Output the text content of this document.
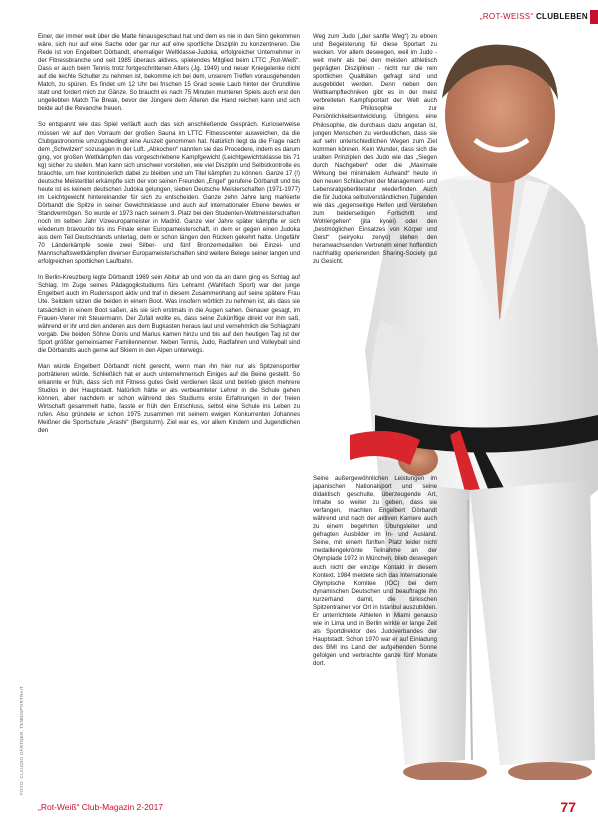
„ROT-WEISS“ CLUBLEBEN

Einer, der immer weit über die Matte hinausgeschaut hat und dem es nie in den Sinn gekommen wäre, sich nur auf eine Sache oder gar nur auf eine sportliche Disziplin zu konzentrieren. Die Rede ist von Engelbert Dörbandt, ehemaliger Weltklasse-Judoka, erfolgreicher Unternehmer in der Fitnessbranche und seit 1985 überaus aktives, spielendes Mitglied beim LTTC „Rot-Weiß“. Dass er auch beim Tennis trotz fortgeschrittenen Alters (Jg. 1949) und neuer Kniegelenke nicht auf die leichte Schulter zu nehmen ist, bekomme ich bei dem, unserem Treffen vorausgehenden Match, zu spüren. Es findet um 12 Uhr bei frischen 15 Grad sowie Laub hinter der Grundlinie statt und fordert mich zur Gänze. So braucht es nach 75 Minuten munteren Spiels auch erst den ungeliebten Match Tie Break, bevor der Jüngere dem Älteren die Hand reichen kann und sich beide auf die Revanche freuen.

So entspannt wie das Spiel verläuft auch das sich anschließende Gespräch. Kurioserweise müssen wir auf den Vorraum der großen Sauna im LTTC Fitnesscenter ausweichen, da die Clubgastronomie umzugsbedingt eine Auszeit genommen hat. Natürlich liegt da die Frage nach dem „Schwitzen“ sozusagen in der Luft. „Abkochen“ nannten sie das Procedere, indem es darum ging, vor großen Wettkämpfen das vorgeschriebene Kampfgewicht (Leichtgewichtsklasse bis 71 kg) sicher zu stellen. Man kann sich unschwer vorstellen, wie viel Disziplin und Selbstkontrolle es brauchte, um hier kontinuierlich dabei zu bleiben und um Titel kämpfen zu können. Ganze 17 (!) deutsche Meistertitel erkämpfte sich der von seinen Freunden „Engel“ gerufene Dörbandt und bis heute ist es keinem deutschen Judoka gelungen, sieben Deutsche Meisterschaften (1971-1977) im Leichtgewicht hintereinander für sich zu entscheiden. Ganze zehn Jahre lang markierte Dörbandt die Spitze in seiner Gewichtsklasse und auch auf internationaler Ebene bewies er Standvermögen. So wurde er 1973 nach seinem 3. Platz bei den Studenten-Weltmeisterschaften noch im selben Jahr Vizeeuropameister in Madrid. Ganze vier Jahre später kämpfte er sich wiederum bravourös bis ins Finale einer Europameisterschaft, in dem er gegen einen Judoka aus dem Teil Deutschlands unterlag, dem er schon längen den Rücken gekehrt hatte. Ungefähr 70 Länderkämpfe sowie zwei Silber- und fünf Bronzemedaillen bei Einzel- und Mannschaftswettkämpfen diverser Europameisterschaften sind weitere Belege seiner langen und erfolgreichen sportlichen Laufbahn.

In Berlin-Kreuzberg legte Dörbandt 1969 sein Abitur ab und von da an dann ging es Schlag auf Schlag. Im Zuge seines Pädagogikstudiums fürs Lehramt (Wahlfach Sport) war der junge Engelbert auch im Ruderssport aktiv und traf in diesem Zusammenhang auf seine spätere Frau Ute. Seitdem sitzen die beiden in einem Boot. Was insofern wörtlich zu nehmen ist, als dass sie tatsächlich in einem Boot saßen, als sie sich erstmals in die Augen sahen. Genauer gesagt, im Frauen-Vierer mit Steuermann. Der Zufall wollte es, dass seine Zukünftige direkt vor ihm saß, während er ihr und den anderen aus dem Bugkasten heraus laut und vernehmlich die Schlagzahl vorgab. Die beiden Söhne Donis und Marius kamen hinzu und bis auf den heutigen Tag ist der Sport größter gemeinsamer Familiennenner. Neben Tennis, Judo, Radfahren und Volleyball sind die Dörbandts auch gerne auf Skiern in den Alpen unterwegs.

Man würde Engelbert Dörbandt nicht gerecht, wenn man ihn hier nur als Spitzensportler porträtieren würde. Schließlich hat er auch unternehmerisch Einiges auf die Beine gestellt. So erkannte er früh, dass sich mit Fitness gutes Geld verdienen lässt und betrieb gleich mehrere Studios in der Hauptstadt. Natürlich hätte er als verbeamteter Lehrer in die Schule gehen können, aber nachdem er schon während des Studiums erste Erfahrungen in der freien Wirtschaft gesammelt hatte, fasste er früh den Entschluss, selbst eine Schule ins Leben zu rufen. Also gründete er schon 1975 zusammen mit seinem ewigen Konkurrenten Johannes Meißner die Sportschule „Arashi“ (Bergsturm). Ziel war es, vor allem Kindern und Jugendlichen den

Weg zum Judo („der sanfte Weg“) zu ebnen und Begeisterung für diese Sportart zu wecken. Vor allem deswegen, weil im Judo - weit mehr als bei den meisten athletisch geprägten Disziplinen - nicht nur die rein sportlichen Qualitäten gefragt sind und ausgebildet werden. Denn neben den Wettkampftechniken gibt es in der meist verbreiteten Kampfsportart der Welt auch eine Philosophie zur Persönlichkeitsentwicklung. Übrigens eine Philosophie, die durchaus dazu angetan ist, jungen Menschen zu verdeutlichen, dass sie auf sehr unterschiedlichen Wegen zum Ziel kommen können. Kein Wunder, dass sich die uralten Prinzipien des Judo wie das „Siegen durch Nachgeben“ oder die „Maximale Wirkung bei minimalem Aufwand“ heute in den neuen Schläuchen der Management- und Lebensratgeberliteratur wiederfinden. Auch die für Judoka selbstverständlichen Tugenden wie das „gegenseitige Helfen und Verstehen zum beiderseitigen Fortschritt und Wohlergehen“ (jita kyoei) oder den „bestmöglichen Einsatzes von Körper und Geist“ (seiryoku zenyo) stehen den heranwachsenden Vertretern einer hoffentlich nachhaltig operierenden Sharing-Society gut zu Gesicht.

Seine außergewöhnlichen Leistungen im japanischen Nationalsport und seine didaktisch geschulte, überzeugende Art, Inhalte so weiter zu geben, dass sie verfangen, machten Engelbert Dörbandt während und nach der aktiven Karriere auch zu einem begehrten Übungsleiter und gefragten Ausbilder im In- und Ausland. Seine, mit einem fünften Platz leider nicht medaillengekrönte Teilnahme an der Olympiade 1972 in München, blieb deswegen auch nicht der einzige Kontakt in diesem Kontext. 1984 meldete sich das Internationale Olympische Komitee (IOC) bei dem dynamischen Deutschen und beauftragte ihn kurzerhand damit, die türkischen Spitzentrainer vor Ort in Istanbul auszubilden. Er unterrichtete Athleten in Miami genauso wie in Lima und in Berlin wirkte er lange Zeit als Sportdirektor des Judoverbandes der Hauptstadt. Schon 1970 war er auf Einladung des BMI ins Land der aufgehenden Sonne gefolgen und verbrachte ganze fünf Monate dort.

FOTO: CLAUDIO GÄRTNER, TENNISPORTRAIT
„Rot-Weiß“ Club-Magazin 2-2017	77
